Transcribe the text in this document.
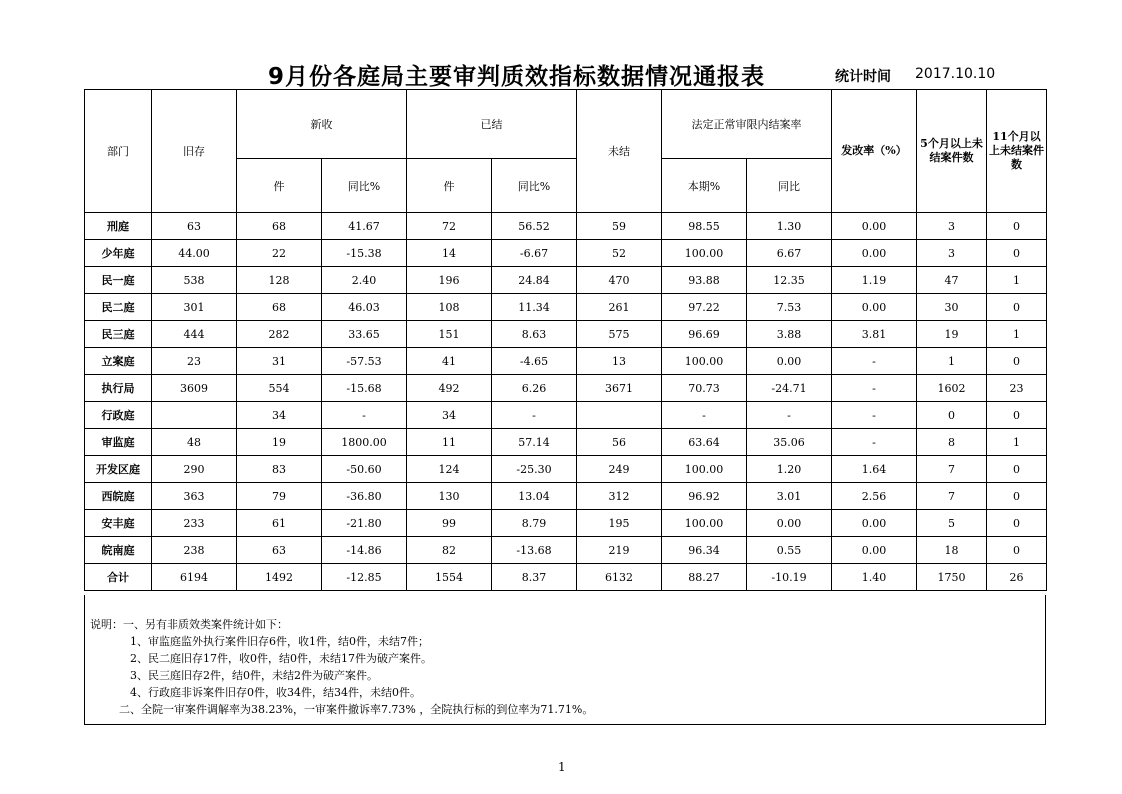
9月份各庭局主要审判质效指标数据情况通报表	统计时间 2017.10.10
部门	旧存	新收		已结		未结	法定正常审限内结案率		发改率（%）	5个月以上未结案件数	11个月以上未结案件数
		件	同比%	件	同比%		本期%	同比			
刑庭	63	68	41.67	72	56.52	59	98.55	1.30	0.00	3	0
少年庭	44.00	22	-15.38	14	-6.67	52	100.00	6.67	0.00	3	0
民一庭	538	128	2.40	196	24.84	470	93.88	12.35	1.19	47	1
民二庭	301	68	46.03	108	11.34	261	97.22	7.53	0.00	30	0
民三庭	444	282	33.65	151	8.63	575	96.69	3.88	3.81	19	1
立案庭	23	31	-57.53	41	-4.65	13	100.00	0.00	-	1	0
执行局	3609	554	-15.68	492	6.26	3671	70.73	-24.71	-	1602	23
行政庭		34	-	34	-		-	-	-	0	0
审监庭	48	19	1800.00	11	57.14	56	63.64	35.06	-	8	1
开发区庭	290	83	-50.60	124	-25.30	249	100.00	1.20	1.64	7	0
西皖庭	363	79	-36.80	130	13.04	312	96.92	3.01	2.56	7	0
安丰庭	233	61	-21.80	99	8.79	195	100.00	0.00	0.00	5	0
皖南庭	238	63	-14.86	82	-13.68	219	96.34	0.55	0.00	18	0
合计	6194	1492	-12.85	1554	8.37	6132	88.27	-10.19	1.40	1750	26
说明：一、另有非质效类案件统计如下：
1、审监庭监外执行案件旧存6件，收1件，结0件，未结7件；
2、民二庭旧存17件，收0件，结0件，未结17件为破产案件。
3、民三庭旧存2件，结0件，未结2件为破产案件。
4、行政庭非诉案件旧存0件，收34件，结34件，未结0件。
二、全院一审案件调解率为38.23%，一审案件撤诉率7.73% ，全院执行标的到位率为71.71%。
1
